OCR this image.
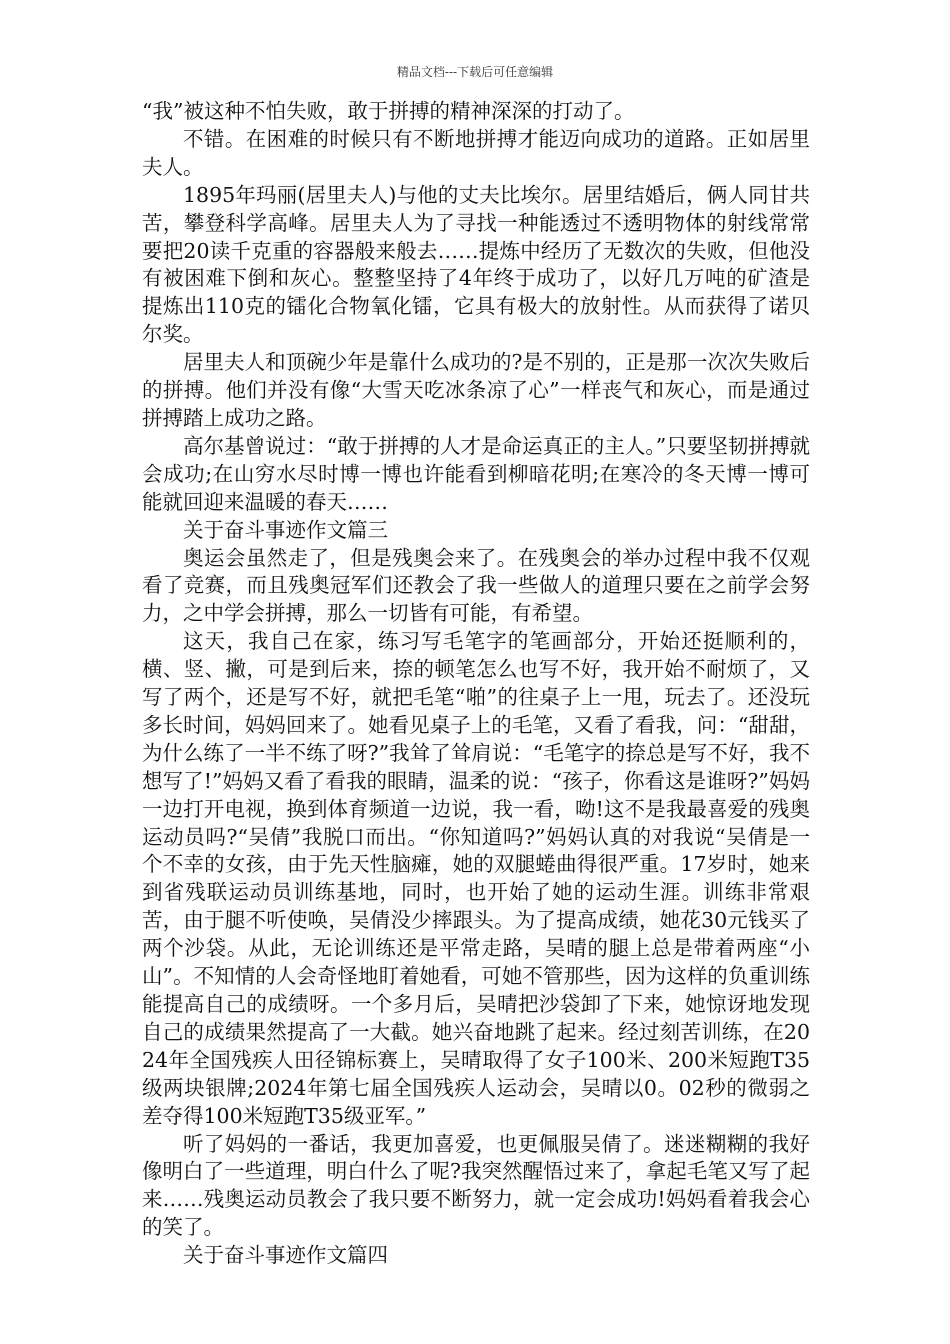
精品文档---下载后可任意编辑

“我”被这种不怕失败，敢于拼搏的精神深深的打动了。

不错。在困难的时候只有不断地拼搏才能迈向成功的道路。正如居里夫人。

1895年玛丽(居里夫人)与他的丈夫比埃尔。居里结婚后，俩人同甘共苦，攀登科学高峰。居里夫人为了寻找一种能透过不透明物体的射线常常要把20读千克重的容器般来般去……提炼中经历了无数次的失败，但他没有被困难下倒和灰心。整整坚持了4年终于成功了，以好几万吨的矿渣是提炼出110克的镭化合物氧化镭，它具有极大的放射性。从而获得了诺贝尔奖。

居里夫人和顶碗少年是靠什么成功的?是不别的，正是那一次次失败后的拼搏。他们并没有像“大雪天吃冰条凉了心”一样丧气和灰心，而是通过拼搏踏上成功之路。

高尔基曾说过：“敢于拼搏的人才是命运真正的主人。”只要坚韧拼搏就会成功;在山穷水尽时博一博也许能看到柳暗花明;在寒冷的冬天博一博可能就回迎来温暖的春天……

关于奋斗事迹作文篇三

奥运会虽然走了，但是残奥会来了。在残奥会的举办过程中我不仅观看了竞赛，而且残奥冠军们还教会了我一些做人的道理只要在之前学会努力，之中学会拼搏，那么一切皆有可能，有希望。

这天，我自己在家，练习写毛笔字的笔画部分，开始还挺顺利的，横、竖、撇，可是到后来，捺的顿笔怎么也写不好，我开始不耐烦了，又写了两个，还是写不好，就把毛笔“啪”的往桌子上一甩，玩去了。还没玩多长时间，妈妈回来了。她看见桌子上的毛笔，又看了看我，问：“甜甜，为什么练了一半不练了呀?”我耸了耸肩说：“毛笔字的捺总是写不好，我不想写了!”妈妈又看了看我的眼睛，温柔的说：“孩子，你看这是谁呀?”妈妈一边打开电视，换到体育频道一边说，我一看，呦!这不是我最喜爱的残奥运动员吗?“吴倩”我脱口而出。“你知道吗?”妈妈认真的对我说“吴倩是一个不幸的女孩，由于先天性脑瘫，她的双腿蜷曲得很严重。17岁时，她来到省残联运动员训练基地，同时，也开始了她的运动生涯。训练非常艰苦，由于腿不听使唤，吴倩没少摔跟头。为了提高成绩，她花30元钱买了两个沙袋。从此，无论训练还是平常走路，吴晴的腿上总是带着两座“小山”。不知情的人会奇怪地盯着她看，可她不管那些，因为这样的负重训练能提高自己的成绩呀。一个多月后，吴晴把沙袋卸了下来，她惊讶地发现自己的成绩果然提高了一大截。她兴奋地跳了起来。经过刻苦训练，在2024年全国残疾人田径锦标赛上，吴晴取得了女子100米、200米短跑T35级两块银牌;2024年第七届全国残疾人运动会，吴晴以0。02秒的微弱之差夺得100米短跑T35级亚军。”

听了妈妈的一番话，我更加喜爱，也更佩服吴倩了。迷迷糊糊的我好像明白了一些道理，明白什么了呢?我突然醒悟过来了，拿起毛笔又写了起来……残奥运动员教会了我只要不断努力，就一定会成功!妈妈看着我会心的笑了。

关于奋斗事迹作文篇四
